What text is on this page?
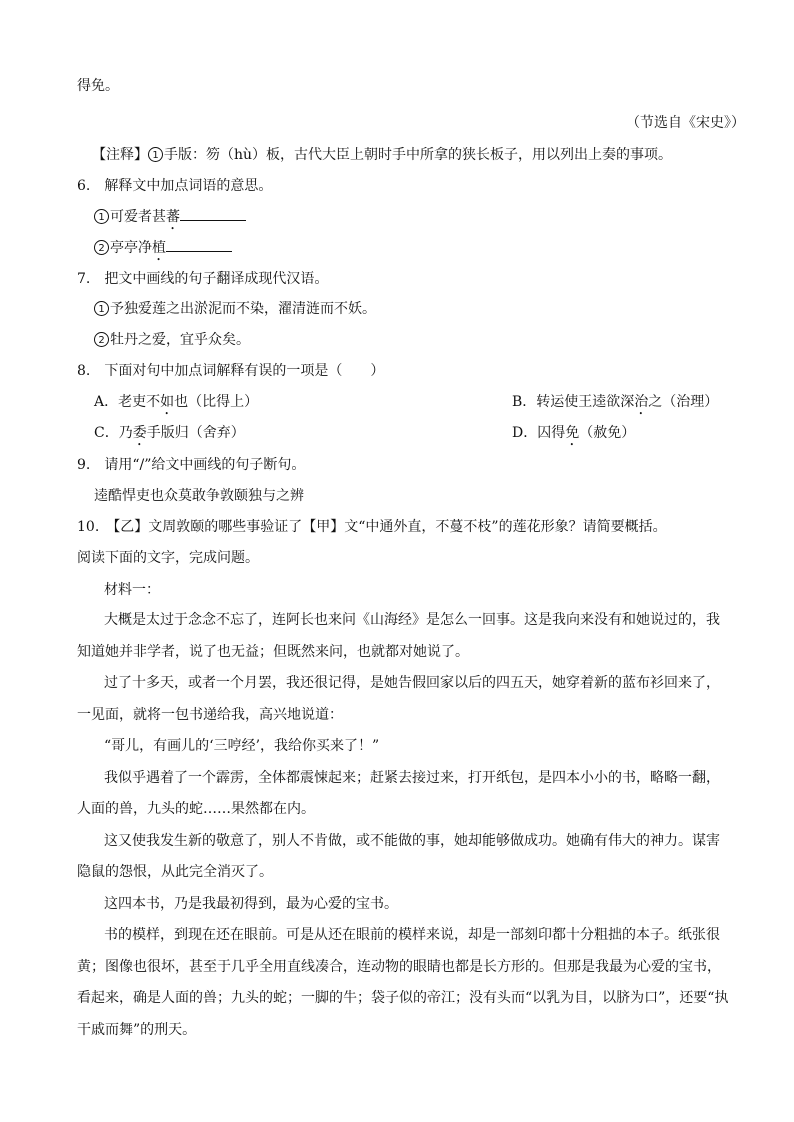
得免。
（节选自《宋史》）
【注释】 1 手版：笏（hù）板，古代大臣上朝时手中所拿的狭长板子，用以列出上奏的事项。
6.　解释文中加点词语的意思。
1 可爱者甚蕃
2 亭亭净植
7.　把文中画线的句子翻译成现代汉语。
1 予独爱莲之出淤泥而不染，濯清涟而不妖。
2 牡丹之爱，宜乎众矣。
8.　下面对句中加点词解释有误的一项是（　　）
A．老吏不如也（比得上）	B．转运使王逵欲深治之（治理）
C．乃委手版归（舍弃）	D．囚得免（赦免）
9.　请用“/”给文中画线的句子断句。
逵酷悍吏也众莫敢争敦颐独与之辨
10.　【乙】文周敦颐的哪些事验证了【甲】文“中通外直，不蔓不枝”的莲花形象？请简要概括。
阅读下面的文字，完成问题。
材料一：
大概是太过于念念不忘了，连阿长也来问《山海经》是怎么一回事。这是我向来没有和她说过的，我
知道她并非学者，说了也无益；但既然来问，也就都对她说了。
过了十多天，或者一个月罢，我还很记得，是她告假回家以后的四五天，她穿着新的蓝布衫回来了，
一见面，就将一包书递给我，高兴地说道：
“哥儿，有画儿的‘三哼经’，我给你买来了！”
我似乎遇着了一个霹雳，全体都震悚起来；赶紧去接过来，打开纸包，是四本小小的书，略略一翻，
人面的兽，九头的蛇……果然都在内。
这又使我发生新的敬意了，别人不肯做，或不能做的事，她却能够做成功。她确有伟大的神力。谋害
隐鼠的怨恨，从此完全消灭了。
这四本书，乃是我最初得到，最为心爱的宝书。
书的模样，到现在还在眼前。可是从还在眼前的模样来说，却是一部刻印都十分粗拙的本子。纸张很
黄；图像也很坏，甚至于几乎全用直线凑合，连动物的眼睛也都是长方形的。但那是我最为心爱的宝书，
看起来，确是人面的兽；九头的蛇；一脚的牛；袋子似的帝江；没有头而“以乳为目，以脐为口”，还要“执
干戚而舞”的刑天。
